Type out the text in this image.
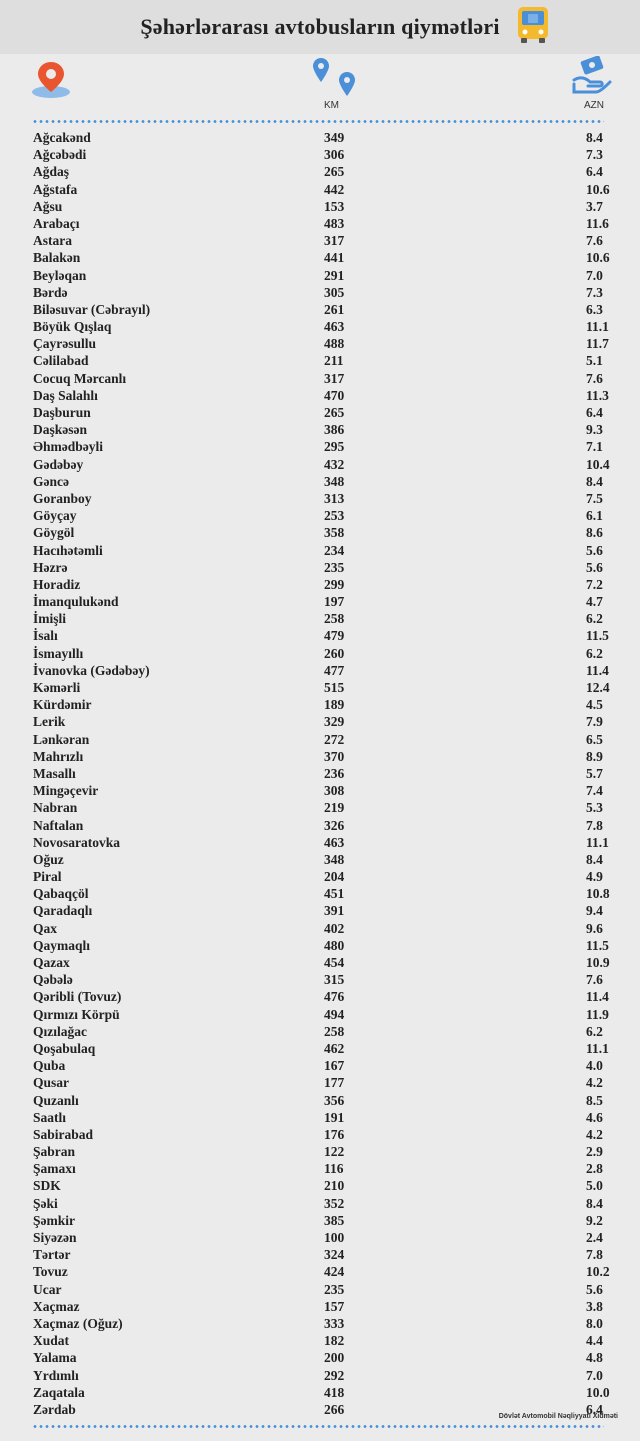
Şəhərlərarası avtobusların qiymətləri
KM	AZN
Ağcakənd	349	8.4
Ağcəbədi	306	7.3
Ağdaş	265	6.4
Ağstafa	442	10.6
Ağsu	153	3.7
Arabaçı	483	11.6
Astara	317	7.6
Balakən	441	10.6
Beyləqan	291	7.0
Bərdə	305	7.3
Biləsuvar (Cəbrayıl)	261	6.3
Böyük Qışlaq	463	11.1
Çayrəsullu	488	11.7
Cəlilabad	211	5.1
Cocuq Mərcanlı	317	7.6
Daş Salahlı	470	11.3
Daşburun	265	6.4
Daşkəsən	386	9.3
Əhmədbəyli	295	7.1
Gədəbəy	432	10.4
Gəncə	348	8.4
Goranboy	313	7.5
Göyçay	253	6.1
Göygöl	358	8.6
Hacıhətəmli	234	5.6
Həzrə	235	5.6
Horadiz	299	7.2
İmanqulukənd	197	4.7
İmişli	258	6.2
İsalı	479	11.5
İsmayıllı	260	6.2
İvanovka (Gədəbəy)	477	11.4
Kəmərli	515	12.4
Kürdəmir	189	4.5
Lerik	329	7.9
Lənkəran	272	6.5
Mahrızlı	370	8.9
Masallı	236	5.7
Mingəçevir	308	7.4
Nabran	219	5.3
Naftalan	326	7.8
Novosaratovka	463	11.1
Oğuz	348	8.4
Piral	204	4.9
Qabaqçöl	451	10.8
Qaradaqlı	391	9.4
Qax	402	9.6
Qaymaqlı	480	11.5
Qazax	454	10.9
Qəbələ	315	7.6
Qəribli (Tovuz)	476	11.4
Qırmızı Körpü	494	11.9
Qızılağac	258	6.2
Qoşabulaq	462	11.1
Quba	167	4.0
Qusar	177	4.2
Quzanlı	356	8.5
Saatlı	191	4.6
Sabirabad	176	4.2
Şabran	122	2.9
Şamaxı	116	2.8
SDK	210	5.0
Şəki	352	8.4
Şəmkir	385	9.2
Siyəzən	100	2.4
Tərtər	324	7.8
Tovuz	424	10.2
Ucar	235	5.6
Xaçmaz	157	3.8
Xaçmaz (Oğuz)	333	8.0
Xudat	182	4.4
Yalama	200	4.8
Yrdımlı	292	7.0
Zaqatala	418	10.0
Zərdab	266	6.4
Dövlət Avtomobil Nəqliyyatı Xidməti
